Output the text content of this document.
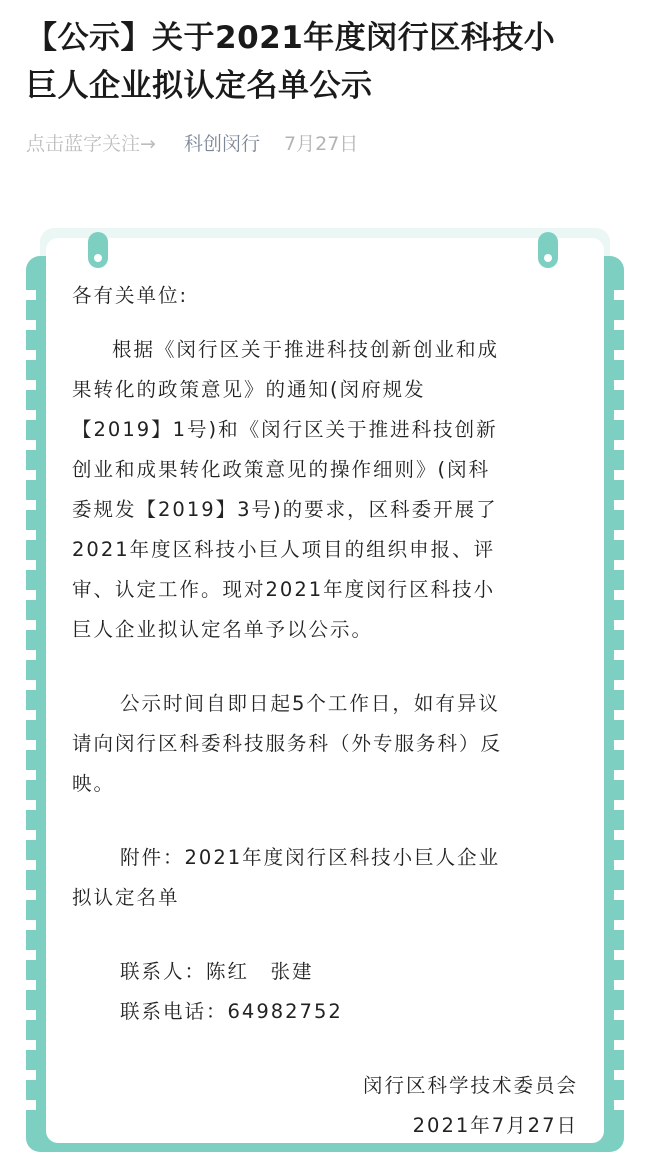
【公示】关于2021年度闵行区科技小
巨人企业拟认定名单公示
点击蓝字关注→ 科创闵行 7月27日

各有关单位:

根据《闵行区关于推进科技创新创业和成

果转化的政策意见》的通知(闵府规发

【2019】1号)和《闵行区关于推进科技创新

创业和成果转化政策意见的操作细则》(闵科

委规发【2019】3号)的要求，区科委开展了

2021年度区科技小巨人项目的组织申报、评

审、认定工作。现对2021年度闵行区科技小

巨人企业拟认定名单予以公示。

公示时间自即日起5个工作日，如有异议

请向闵行区科委科技服务科（外专服务科）反

映。

附件：2021年度闵行区科技小巨人企业

拟认定名单

联系人：陈红　张建

联系电话：64982752

闵行区科学技术委员会

2021年7月27日
